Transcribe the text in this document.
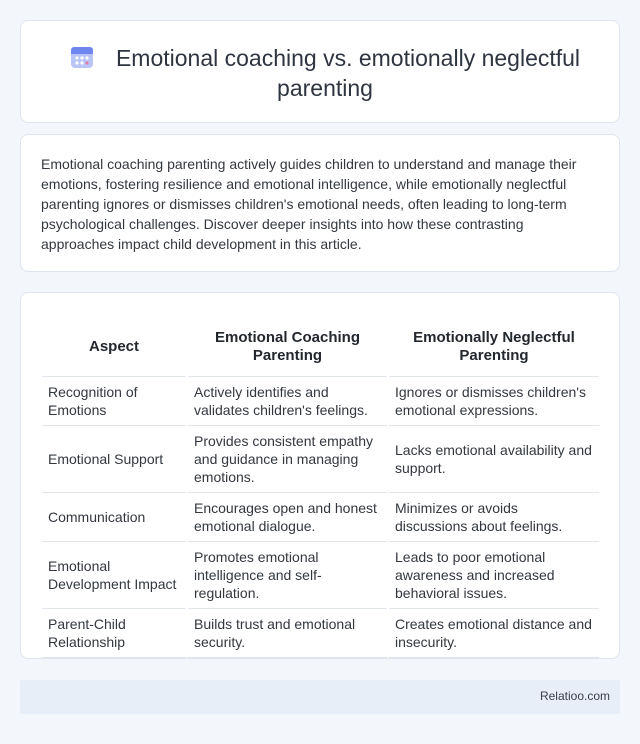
Emotional coaching vs. emotionally neglectful parenting

Emotional coaching parenting actively guides children to understand and manage their emotions, fostering resilience and emotional intelligence, while emotionally neglectful parenting ignores or dismisses children's emotional needs, often leading to long-term psychological challenges. Discover deeper insights into how these contrasting approaches impact child development in this article.

Aspect	Emotional Coaching Parenting	Emotionally Neglectful Parenting
Recognition of Emotions	Actively identifies and validates children's feelings.	Ignores or dismisses children's emotional expressions.
Emotional Support	Provides consistent empathy and guidance in managing emotions.	Lacks emotional availability and support.
Communication	Encourages open and honest emotional dialogue.	Minimizes or avoids discussions about feelings.
Emotional Development Impact	Promotes emotional intelligence and self-regulation.	Leads to poor emotional awareness and increased behavioral issues.
Parent-Child Relationship	Builds trust and emotional security.	Creates emotional distance and insecurity.
Relatioo.com
